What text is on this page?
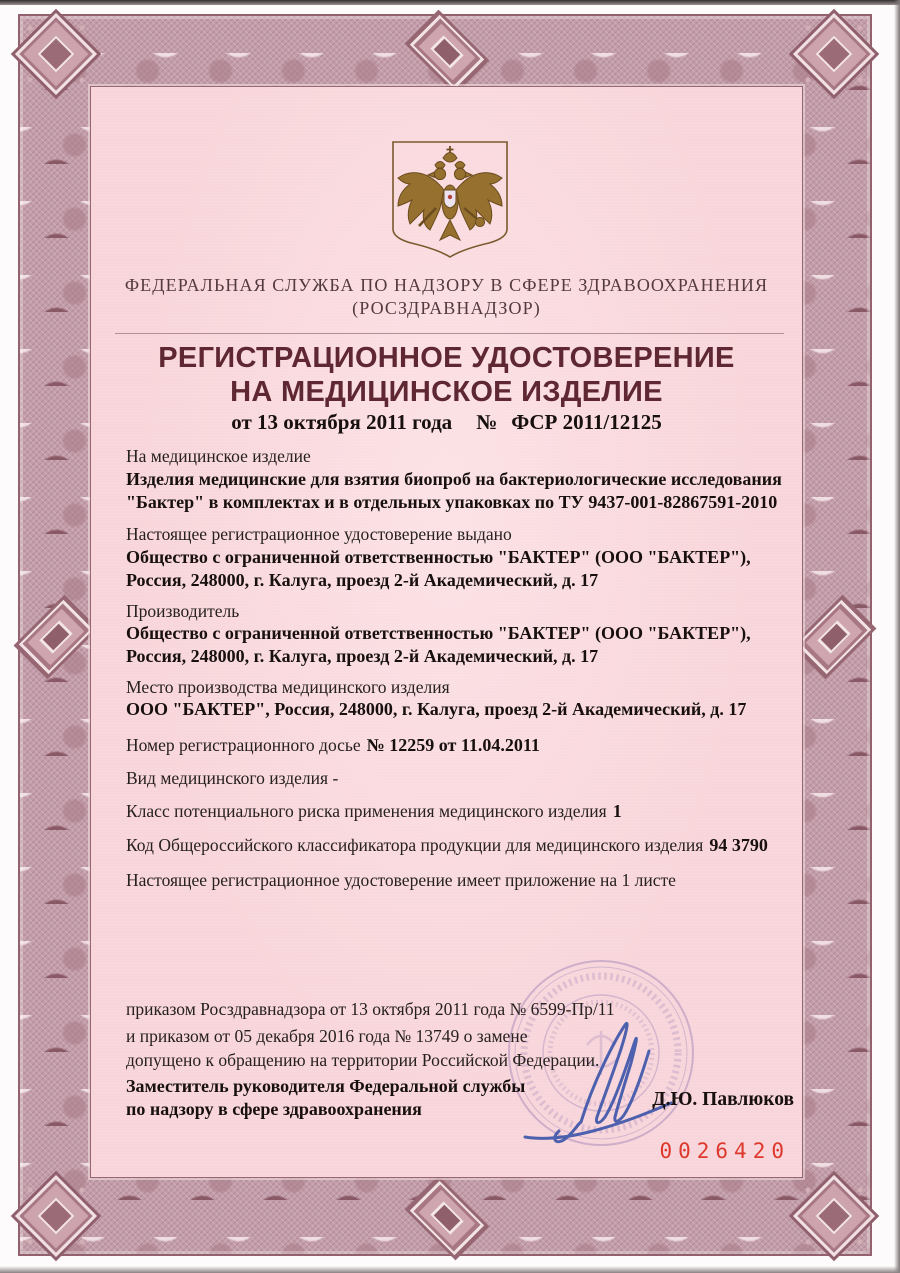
ФЕДЕРАЛЬНАЯ СЛУЖБА ПО НАДЗОРУ В СФЕРЕ ЗДРАВООХРАНЕНИЯ
(РОСЗДРАВНАДЗОР)
РЕГИСТРАЦИОННОЕ УДОСТОВЕРЕНИЕ
НА МЕДИЦИНСКОЕ ИЗДЕЛИЕ
от 13 октября 2011 года № ФСР 2011/12125
На медицинское изделие
Изделия медицинские для взятия биопроб на бактериологические исследования
"Бактер" в комплектах и в отдельных упаковках по ТУ 9437-001-82867591-2010
Настоящее регистрационное удостоверение выдано
Общество с ограниченной ответственностью "БАКТЕР" (ООО "БАКТЕР"),
Россия, 248000, г. Калуга, проезд 2-й Академический, д. 17
Производитель
Общество с ограниченной ответственностью "БАКТЕР" (ООО "БАКТЕР"),
Россия, 248000, г. Калуга, проезд 2-й Академический, д. 17
Место производства медицинского изделия
ООО "БАКТЕР", Россия, 248000, г. Калуга, проезд 2-й Академический, д. 17
Номер регистрационного досье № 12259 от 11.04.2011
Вид медицинского изделия -
Класс потенциального риска применения медицинского изделия 1
Код Общероссийского классификатора продукции для медицинского изделия 94 3790
Настоящее регистрационное удостоверение имеет приложение на 1 листе
приказом Росздравнадзора от 13 октября 2011 года № 6599-Пр/11
и приказом от 05 декабря 2016 года № 13749 о замене
допущено к обращению на территории Российской Федерации.
Заместитель руководителя Федеральной службы
по надзору в сфере здравоохранения	Д.Ю. Павлюков
0026420
